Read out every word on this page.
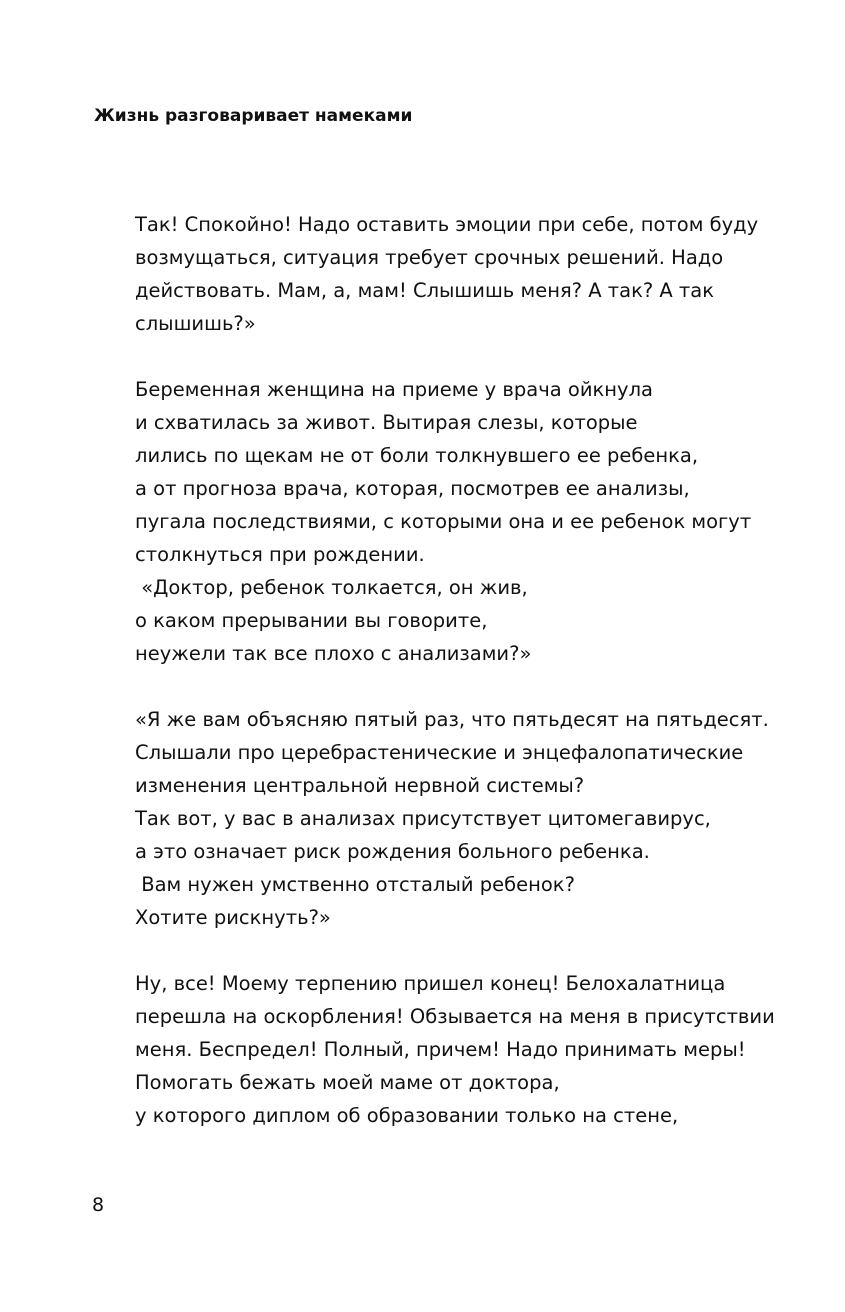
Жизнь разговаривает намеками
Так! Спокойно! Надо оставить эмоции при себе, потом буду
возмущаться, ситуация требует срочных решений. Надо
действовать. Мам, а, мам! Слышишь меня? А так? А так
слышишь?»
Беременная женщина на приеме у врача ойкнула
и схватилась за живот. Вытирая слезы, которые
лились по щекам не от боли толкнувшего ее ребенка,
а от прогноза врача, которая, посмотрев ее анализы,
пугала последствиями, с которыми она и ее ребенок могут
столкнуться при рождении.
«Доктор, ребенок толкается, он жив,
о каком прерывании вы говорите,
неужели так все плохо с анализами?»
«Я же вам объясняю пятый раз, что пятьдесят на пятьдесят.
Слышали про церебрастенические и энцефалопатические
изменения центральной нервной системы?
Так вот, у вас в анализах присутствует цитомегавирус,
а это означает риск рождения больного ребенка.
Вам нужен умственно отсталый ребенок?
Хотите рискнуть?»
Ну, все! Моему терпению пришел конец! Белохалатница
перешла на оскорбления! Обзывается на меня в присутствии
меня. Беспредел! Полный, причем! Надо принимать меры!
Помогать бежать моей маме от доктора,
у которого диплом об образовании только на стене,
8
